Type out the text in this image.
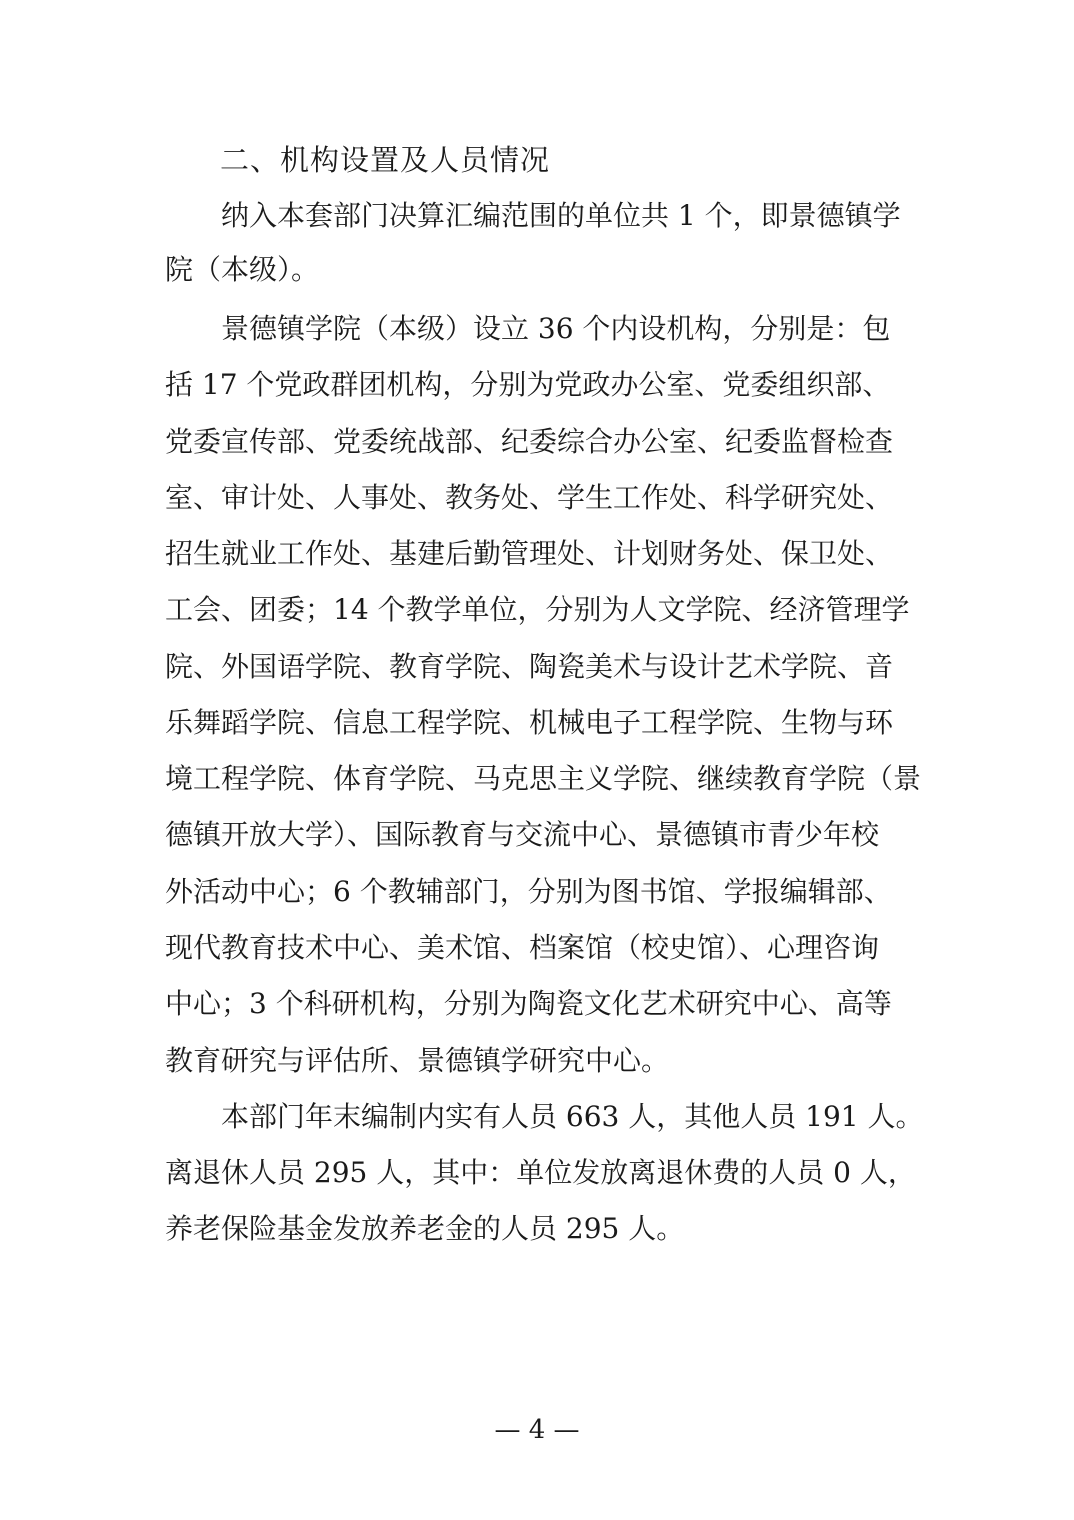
二、机构设置及人员情况
纳入本套部门决算汇编范围的单位共 1 个，即景德镇学
院（本级）。
景德镇学院（本级）设立 36 个内设机构，分别是：包
括 17 个党政群团机构，分别为党政办公室、党委组织部、
党委宣传部、党委统战部、纪委综合办公室、纪委监督检查
室、审计处、人事处、教务处、学生工作处、科学研究处、
招生就业工作处、基建后勤管理处、计划财务处、保卫处、
工会、团委；14 个教学单位，分别为人文学院、经济管理学
院、外国语学院、教育学院、陶瓷美术与设计艺术学院、音
乐舞蹈学院、信息工程学院、机械电子工程学院、生物与环
境工程学院、体育学院、马克思主义学院、继续教育学院（景
德镇开放大学）、国际教育与交流中心、景德镇市青少年校
外活动中心；6 个教辅部门，分别为图书馆、学报编辑部、
现代教育技术中心、美术馆、档案馆（校史馆）、心理咨询
中心；3 个科研机构，分别为陶瓷文化艺术研究中心、高等
教育研究与评估所、景德镇学研究中心。
本部门年末编制内实有人员 663 人，其他人员 191 人。
离退休人员 295 人，其中：单位发放离退休费的人员 0 人，
养老保险基金发放养老金的人员 295 人。
— 4 —
